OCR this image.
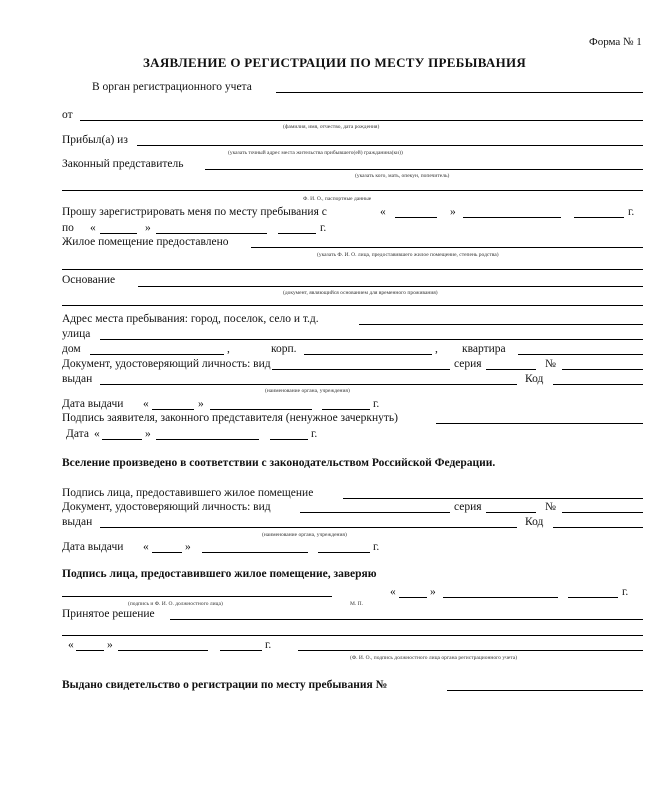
Форма № 1
ЗАЯВЛЕНИЕ О РЕГИСТРАЦИИ ПО МЕСТУ ПРЕБЫВАНИЯ
В орган регистрационного учета
от
(фамилия, имя, отчество, дата рождения)
Прибыл(а) из
(указать точный адрес места жительства прибывшего(ей) гражданина(ки))
Законный представитель
(указать кого, мать, опекун, попечитель)
Ф. И. О., паспортные данные
Прошу зарегистрировать меня по месту пребывания с	«	»	г.
по «	»	г.
Жилое помещение предоставлено
(указать Ф. И. О. лица, предоставившего жилое помещение, степень родства)
Основание
(документ, являющийся основанием для временного проживания)
Адрес места пребывания: город, поселок, село и т.д.
улица
дом	,	корп.	, квартира
Документ, удостоверяющий личность: вид	серия	№
выдан	Код
(наименование органа, учреждения)
Дата выдачи «	»	г.
Подпись заявителя, законного представителя (ненужное зачеркнуть)
Дата «	»	г.
Вселение произведено в соответствии с законодательством Российской Федерации.
Подпись лица, предоставившего жилое помещение
Документ, удостоверяющий личность: вид	серия	№
выдан	Код
(наименование органа, учреждения)
Дата выдачи «	»	г.
Подпись лица, предоставившего жилое помещение, заверяю
(подпись и Ф. И. О. должностного лица)	М. П.
«	»	г.
Принятое решение
«	»	г.
(Ф. И. О., подпись должностного лица органа регистрационного учета)
Выдано свидетельство о регистрации по месту пребывания №
